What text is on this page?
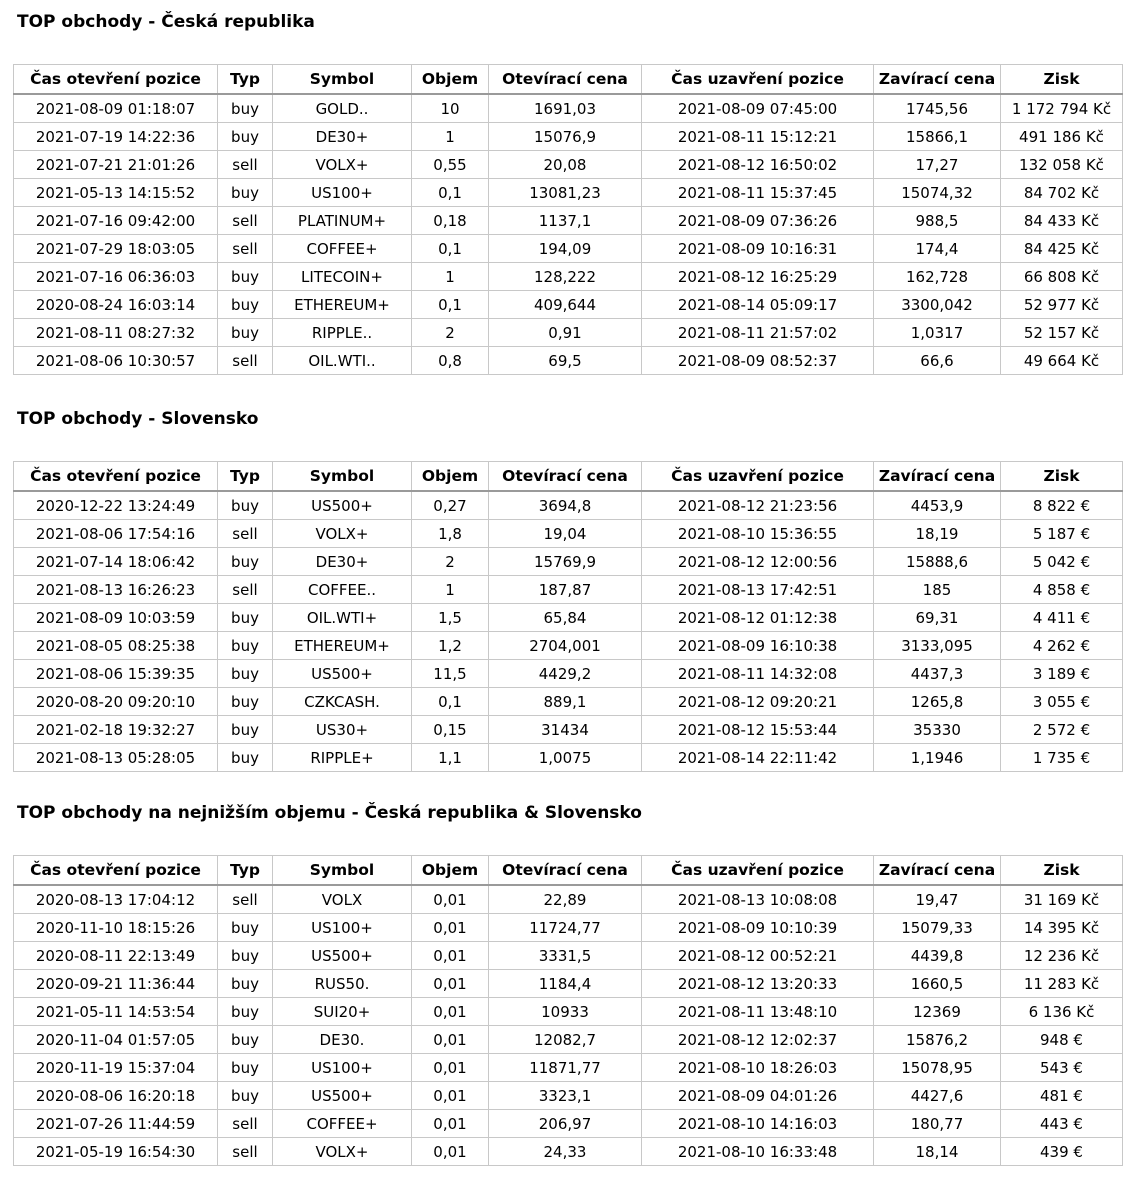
TOP obchody - Česká republika
Čas otevření pozice	Typ	Symbol	Objem	Otevírací cena	Čas uzavření pozice	Zavírací cena	Zisk
2021-08-09 01:18:07	buy	GOLD..	10	1691,03	2021-08-09 07:45:00	1745,56	1 172 794 Kč
2021-07-19 14:22:36	buy	DE30+	1	15076,9	2021-08-11 15:12:21	15866,1	491 186 Kč
2021-07-21 21:01:26	sell	VOLX+	0,55	20,08	2021-08-12 16:50:02	17,27	132 058 Kč
2021-05-13 14:15:52	buy	US100+	0,1	13081,23	2021-08-11 15:37:45	15074,32	84 702 Kč
2021-07-16 09:42:00	sell	PLATINUM+	0,18	1137,1	2021-08-09 07:36:26	988,5	84 433 Kč
2021-07-29 18:03:05	sell	COFFEE+	0,1	194,09	2021-08-09 10:16:31	174,4	84 425 Kč
2021-07-16 06:36:03	buy	LITECOIN+	1	128,222	2021-08-12 16:25:29	162,728	66 808 Kč
2020-08-24 16:03:14	buy	ETHEREUM+	0,1	409,644	2021-08-14 05:09:17	3300,042	52 977 Kč
2021-08-11 08:27:32	buy	RIPPLE..	2	0,91	2021-08-11 21:57:02	1,0317	52 157 Kč
2021-08-06 10:30:57	sell	OIL.WTI..	0,8	69,5	2021-08-09 08:52:37	66,6	49 664 Kč
TOP obchody - Slovensko
Čas otevření pozice	Typ	Symbol	Objem	Otevírací cena	Čas uzavření pozice	Zavírací cena	Zisk
2020-12-22 13:24:49	buy	US500+	0,27	3694,8	2021-08-12 21:23:56	4453,9	8 822 €
2021-08-06 17:54:16	sell	VOLX+	1,8	19,04	2021-08-10 15:36:55	18,19	5 187 €
2021-07-14 18:06:42	buy	DE30+	2	15769,9	2021-08-12 12:00:56	15888,6	5 042 €
2021-08-13 16:26:23	sell	COFFEE..	1	187,87	2021-08-13 17:42:51	185	4 858 €
2021-08-09 10:03:59	buy	OIL.WTI+	1,5	65,84	2021-08-12 01:12:38	69,31	4 411 €
2021-08-05 08:25:38	buy	ETHEREUM+	1,2	2704,001	2021-08-09 16:10:38	3133,095	4 262 €
2021-08-06 15:39:35	buy	US500+	11,5	4429,2	2021-08-11 14:32:08	4437,3	3 189 €
2020-08-20 09:20:10	buy	CZKCASH.	0,1	889,1	2021-08-12 09:20:21	1265,8	3 055 €
2021-02-18 19:32:27	buy	US30+	0,15	31434	2021-08-12 15:53:44	35330	2 572 €
2021-08-13 05:28:05	buy	RIPPLE+	1,1	1,0075	2021-08-14 22:11:42	1,1946	1 735 €
TOP obchody na nejnižším objemu - Česká republika & Slovensko
Čas otevření pozice	Typ	Symbol	Objem	Otevírací cena	Čas uzavření pozice	Zavírací cena	Zisk
2020-08-13 17:04:12	sell	VOLX	0,01	22,89	2021-08-13 10:08:08	19,47	31 169 Kč
2020-11-10 18:15:26	buy	US100+	0,01	11724,77	2021-08-09 10:10:39	15079,33	14 395 Kč
2020-08-11 22:13:49	buy	US500+	0,01	3331,5	2021-08-12 00:52:21	4439,8	12 236 Kč
2020-09-21 11:36:44	buy	RUS50.	0,01	1184,4	2021-08-12 13:20:33	1660,5	11 283 Kč
2021-05-11 14:53:54	buy	SUI20+	0,01	10933	2021-08-11 13:48:10	12369	6 136 Kč
2020-11-04 01:57:05	buy	DE30.	0,01	12082,7	2021-08-12 12:02:37	15876,2	948 €
2020-11-19 15:37:04	buy	US100+	0,01	11871,77	2021-08-10 18:26:03	15078,95	543 €
2020-08-06 16:20:18	buy	US500+	0,01	3323,1	2021-08-09 04:01:26	4427,6	481 €
2021-07-26 11:44:59	sell	COFFEE+	0,01	206,97	2021-08-10 14:16:03	180,77	443 €
2021-05-19 16:54:30	sell	VOLX+	0,01	24,33	2021-08-10 16:33:48	18,14	439 €
